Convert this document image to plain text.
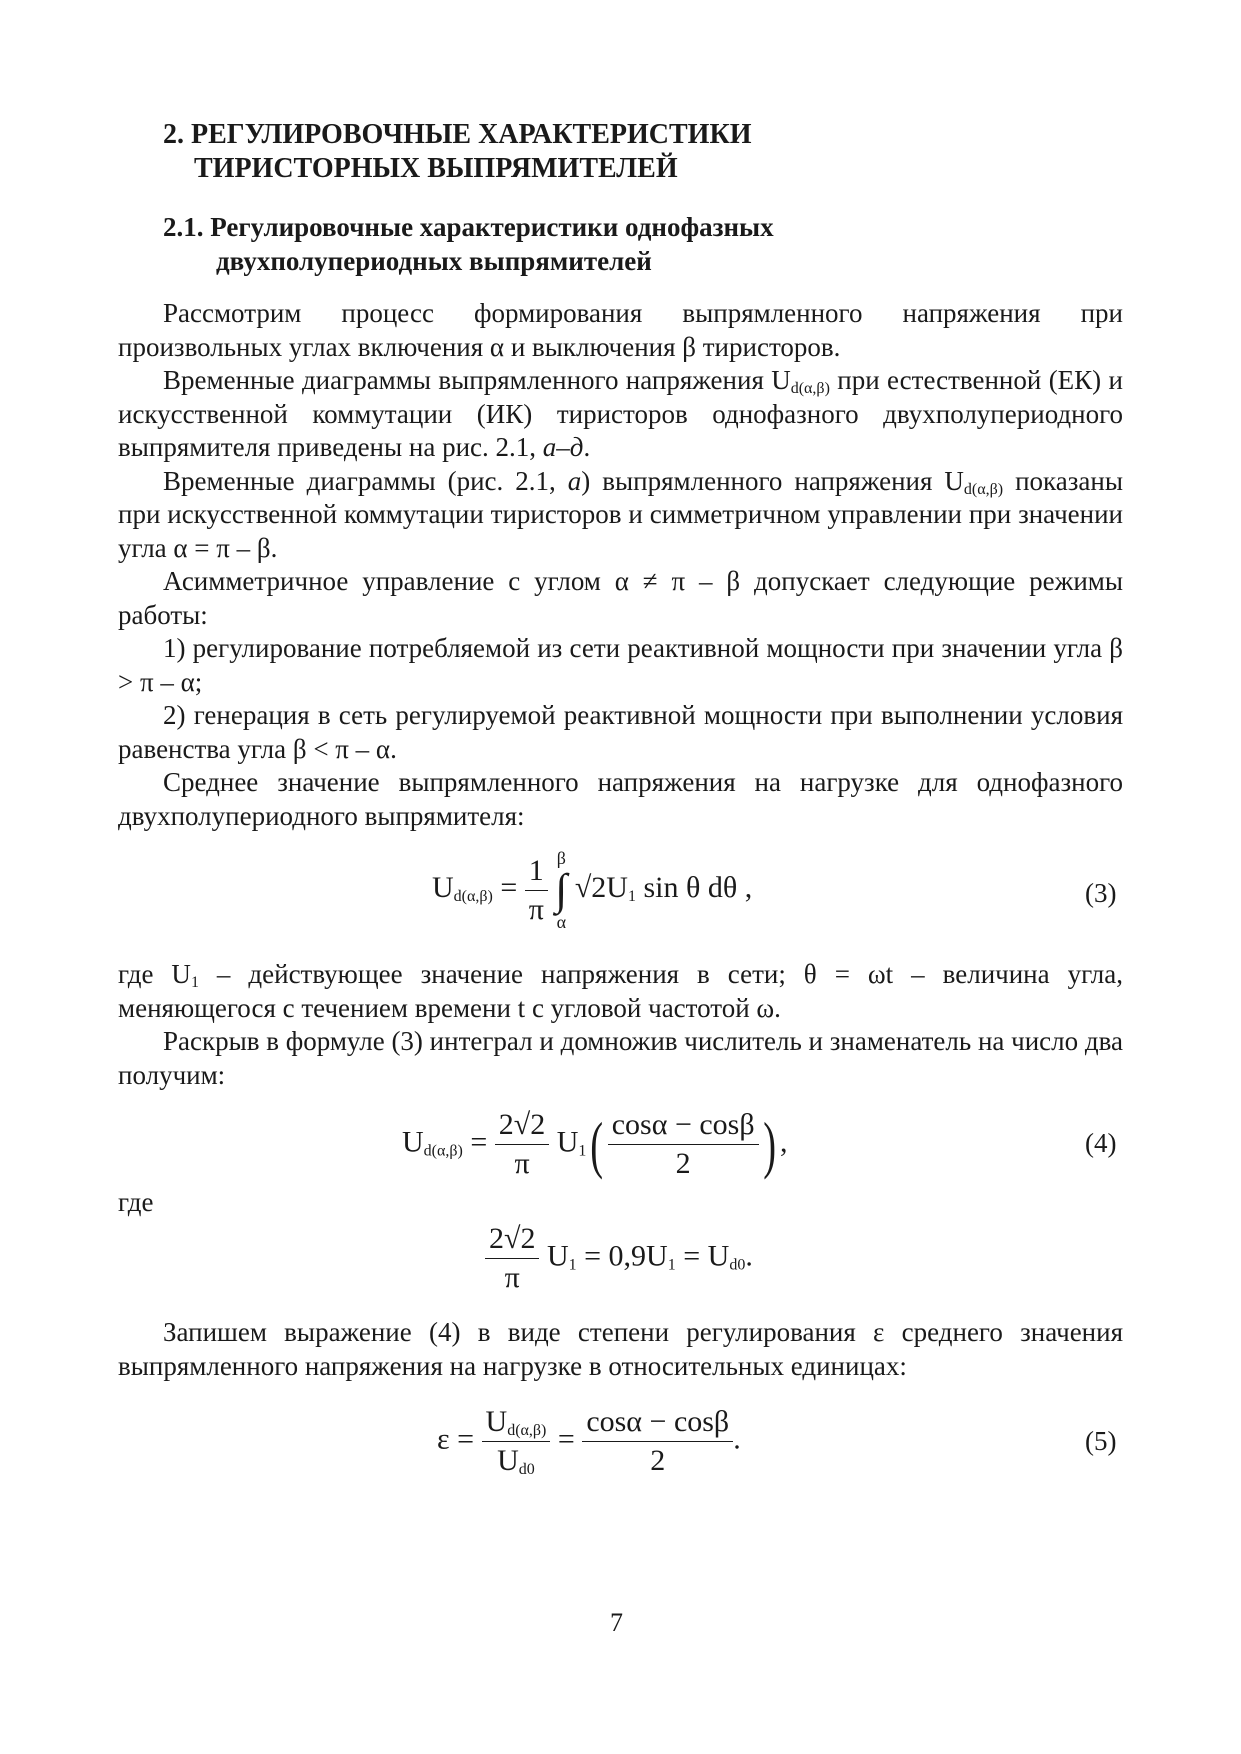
2. РЕГУЛИРОВОЧНЫЕ ХАРАКТЕРИСТИКИ
ТИРИСТОРНЫХ ВЫПРЯМИТЕЛЕЙ
2.1. Регулировочные характеристики однофазных
двухполупериодных выпрямителей

Рассмотрим процесс формирования выпрямленного напряжения при произвольных углах включения α и выключения β тиристоров.

Временные диаграммы выпрямленного напряжения $U_{d(\alpha,\beta)}$ при естественной (ЕК) и искусственной коммутации (ИК) тиристоров однофазного двухполупериодного выпрямителя приведены на рис. 2.1, а–д.

Временные диаграммы (рис. 2.1, а) выпрямленного напряжения $U_{d(\alpha,\beta)}$ показаны при искусственной коммутации тиристоров и симметричном управлении при значении угла α = π – β.

Асимметричное управление с углом α ≠ π – β допускает следующие режимы работы:

1) регулирование потребляемой из сети реактивной мощности при значении угла β > π – α;

2) генерация в сеть регулируемой реактивной мощности при выполнении условия равенства угла β < π – α.

Среднее значение выпрямленного напряжения на нагрузке для однофазного двухполупериодного выпрямителя:

$U_{d(\alpha,\beta)} = \frac{1}{\pi}$
β
∫
α
$√2U_1$ sin θ dθ ,	(3)

где $U_1$ – действующее значение напряжения в сети; θ = ωt – величина угла, меняющегося с течением времени t с угловой частотой ω.

Раскрыв в формуле (3) интеграл и домножив числитель и знаменатель на число два получим:

$U_{d(\alpha,\beta)} = \frac{2√2}{\pi} U_1( \frac{\cos\alpha - \cos\beta}{2}$ ) ,	(4)

где

$\frac{2√2}{\pi} U_1 = 0,9U_1 = U_{d0}$.

Запишем выражение (4) в виде степени регулирования ε среднего значения выпрямленного напряжения на нагрузке в относительных единицах:

$\varepsilon = \frac{U_{d(\alpha,\beta)}}{U_{d0}} = \frac{\cos\alpha - \cos\beta}{2}$ .	(5)
7
